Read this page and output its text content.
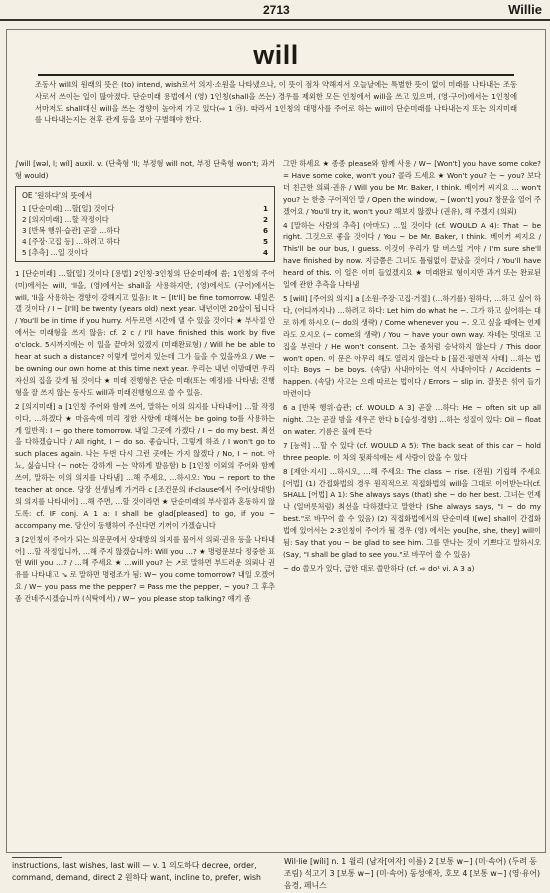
2713	Willie
will
조동사 will의 원래의 뜻은 (to) intend, wish로서 의지·소원을 나타냈으나, 이 뜻이 점차 약해져서 오늘날에는 특별한 뜻이 없이 미래를 나타내는 조동사로서 쓰이는 일이 많아졌다. 단순미래 용법에서 (영) 1인칭(shall을 쓰는) 경우를 제외한 모든 인칭에서 will을 쓰고 있으며, (영·구어)에서는 1인칭에서마저도 shall대신 will을 쓰는 경향이 높아져 가고 있다(⇨ 1 ㉮). 따라서 1인칭의 대명사를 주어로 하는 will이 단순미래를 나타내는지 또는 의지미래를 나타내는지는 전후 관계 등을 보아 구별해야 한다.
∫will [wəl, l; wíl] auxil. v. (단축형 'll; 부정형 will not, 부정 단축형 won't; 과거형 would)
OE '원하다'의 뜻에서
1 [단순미래] …할[일] 것이다	1
2 [의지미래] …할 작정이다	2
3 [반복 행위·습관] 곧잘 …하다	6
4 [주장·고집 등] …하려고 하다	5
5 [추측] …일 것이다	4

1 [단순미래] …할[일] 것이다 [용법] 2인칭·3인칭의 단순미래에 씀; 1인칭의 주어 (미)에서는 will, 'll을, (영)에서는 shall을 사용하지만, (영)에서도 (구어)에서는 will, 'll을 사용하는 경향이 강해지고 있음): It ~ [It'll] be fine tomorrow. 내일은 갤 것이다 / I ~ [I'll] be twenty (years old) next year. 내년이면 20살이 됩니다 / You'll be in time if you hurry. 서두르면 시간에 댈 수 있을 것이다 ★ 부사절 안에서는 미래형을 쓰지 않음: cf. 2 c / I'll have finished this work by five o'clock. 5시까지에는 이 일을 끝마쳐 있겠지 (미래완료형) / Will he be able to hear at such a distance? 이렇게 멀어져 있는데 그가 들을 수 있을까요 / We ~ be owning our own home at this time next year. 우리는 내년 이맘때면 우리 자신의 집을 갖게 될 것이다 ★ 미래 진행형은 단순 미래(또는 예정)를 나타냄; 진행형을 잘 쓰지 않는 동사도 will과 미래진행형으로 쓸 수 있음.

2 [의지미래] a [1인칭 주어와 함께 쓰여, 말하는 이의 의지를 나타내어] …할 작정이다, …하겠다 ★ 마음속에 미리 정한 사항에 대해서는 be going to를 사용하는 게 일반적: I ~ go there tomorrow. 내일 그곳에 가겠다 / I ~ do my best. 최선을 다하겠습니다 / All right, I ~ do so. 좋습니다, 그렇게 하죠 / I won't go to such places again. 나는 두번 다시 그런 곳에는 가지 않겠다 / No, I ~ not. 아뇨, 싫습니다 (~ not는 강하게 ~는 약하게 발음함) b [1인칭 이외의 주어와 함께 쓰여, 말하는 이의 의지를 나타냄] …해 주세요, …하시오: You ~ report to the teacher at once. 당장 선생님께 가거라 c [조건문의 if-clause에서 주어(상대방)의 의지를 나타내어] …해 주면, …할 것이라면 ★ 단순미래의 부사절과 혼동하지 않도록: cf. IF conj. A 1 a: I shall be glad[pleased] to go, if you ~ accompany me. 당신이 동행하여 주신다면 기꺼이 가겠습니다

3 [2인칭이 주어가 되는 의문문에서 상대방의 의지를 물어서 의뢰·권유 등을 나타내어] …할 작정입니까, …해 주지 않겠습니까: Will you …? ★ 명령문보다 정중한 표현 Will you …? / …해 주세요 ★ …will you? 는 ↗로 말하면 부드러운 의뢰나 권유를 나타내고 ↘ 로 말하면 명령조가 됨: W~ you come tomorrow? 내일 오겠어요 / W~ you pass me the pepper? = Pass me the pepper, ~ you? 그 후추 좀 건네주시겠습니까 (식탁에서) / W~ you please stop talking? 얘기 좀

그만 하세요 ★ 종종 please와 함께 사용 / W~ [Won't] you have some coke? = Have some coke, won't you? 콜라 드세요 ★ Won't you? 는 ~ you? 보다 더 친근한 의뢰·권유 / Will you be Mr. Baker, I think. 베이커 씨지요 … won't you? 는 한층 구어적인 말 / Open the window, ~ [won't] you? 창문을 열어 주겠어요 / You'll try it, won't you? 해보지 않겠나 (권유), 해 주겠지 (의뢰)

4 [말하는 사람의 추측] (아마도) …일 것이다 (cf. WOULD A 4): That ~ be right. 그것으로 좋을 것이다 / You ~ be Mr. Baker, I think. 베이커 씨지요 / This'll be our bus, I guess. 이것이 우리가 탈 버스일 거야 / I'm sure she'll have finished by now. 지금쯤은 그녀도 틀림없이 끝났을 것이다 / You'll have heard of this. 이 일은 이미 들었겠지요 ★ 미래완료 형이지만 과거 또는 완료된 일에 관한 추측을 나타냄

5 [will] [주어의 의지] a [소원·주장·고집·거절] (…하기를) 원하다, …하고 싶어 하다, (어디까지나) …하려고 하다: Let him do what he ~. 그가 하고 싶어하는 대로 하게 하시오 (~ do의 생략) / Come whenever you ~. 오고 싶을 때에는 언제라도 오시오 (~ come의 생략) / You ~ have your own way. 자네는 멋대로 고집을 부린다 / He won't consent. 그는 좀처럼 승낙하지 않는다 / This door won't open. 이 문은 아무리 해도 열리지 않는다 b [물건·평면적 사태] …하는 법이다: Boys ~ be boys. (속담) 사내아이는 역시 사내아이다 / Accidents ~ happen. (속담) 사고는 으레 따르는 법이다 / Errors ~ slip in. 잘못은 섞여 들기 마련이다

6 a [반복 행위·습관; cf. WOULD A 3] 곧잘 …하다: He ~ often sit up all night. 그는 곧잘 밤을 새우곤 한다 b [습성·경향] …하는 성질이 있다: Oil ~ float on water. 기름은 물에 뜬다

7 [능력] …할 수 있다 (cf. WOULD A 5): The back seat of this car ~ hold three people. 이 차의 뒷좌석에는 세 사람이 앉을 수 있다

8 [제안·지시] …하시오, …해 주세요: The class ~ rise. (전원) 기립해 주세요 [어법] (1) 간접화법의 경우 원직적으로 직접화법의 will을 그대로 이어받는다(cf. SHALL [어법] A 1): She always says (that) she ~ do her best. 그녀는 언제나 (일버릇처럼) 최선을 다하겠다고 말한다 (She always says, "I ~ do my best."로 바꾸어 쓸 수 있음) (2) 직접화법에서의 단순미래 I[we] shall이 간접화법에 있어서는 2·3인칭이 주어가 될 경우 (영) 에서는 you[he, she, they] will이 됨: Say that you ~ be glad to see him. 그를 만나는 것이 기쁘다고 말하시오 (Say, "I shall be glad to see you."로 바꾸어 쓸 수 있음)

~ do 쓸모가 있다, 급한 대로 쓸만하다 (cf. ⇨ do¹ vi. A 3 a)

instructions, last wishes, last will — v. 1 의도하다 decree, order, command, demand, direct 2 원하다 want, incline to, prefer, wish
Wil·lie [wíli] n. 1 윌리 (남자[여자] 이름) 2 [보통 w~] (미·속어) (두려 동조림) 석고기 3 [보통 w~] (미·속어) 동성애자, 호모 4 [보통 w~] (영·유어) 음경, 페니스
